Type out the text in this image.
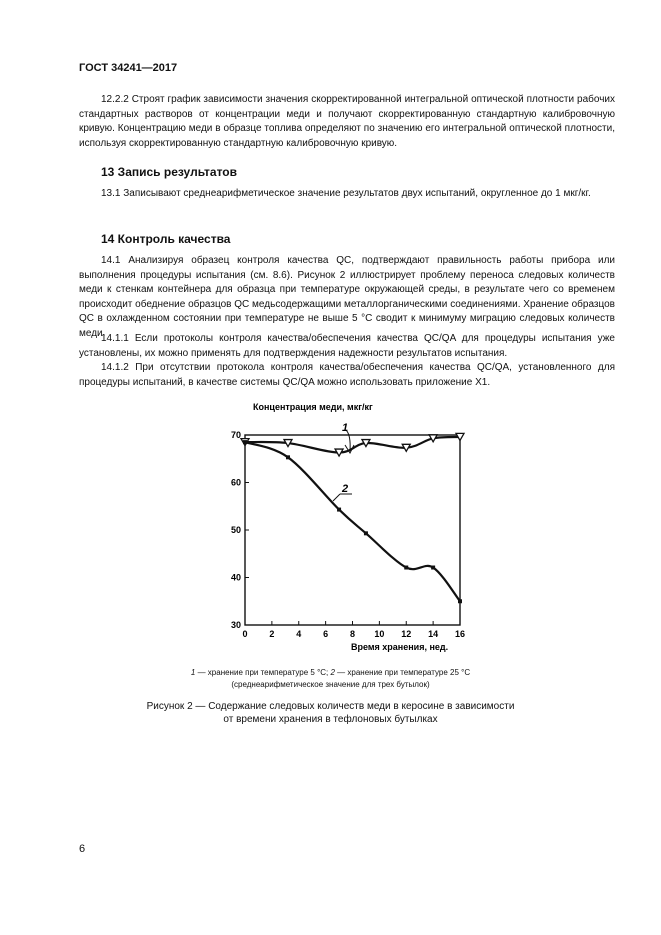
ГОСТ 34241—2017

12.2.2 Строят график зависимости значения скорректированной интегральной оптической плотности рабочих стандартных растворов от концентрации меди и получают скорректированную стандартную калибровочную кривую. Концентрацию меди в образце топлива определяют по значению его интегральной оптической плотности, используя скорректированную стандартную калибровочную кривую.

13 Запись результатов

13.1 Записывают среднеарифметическое значение результатов двух испытаний, округленное до 1 мкг/кг.

14 Контроль качества

14.1 Анализируя образец контроля качества QC, подтверждают правильность работы прибора или выполнения процедуры испытания (см. 8.6). Рисунок 2 иллюстрирует проблему переноса следовых количеств меди к стенкам контейнера для образца при температуре окружающей среды, в результате чего со временем происходит обеднение образцов QC медьсодержащими металлорганическими соединениями. Хранение образцов QC в охлажденном состоянии при температуре не выше 5 °С сводит к минимуму миграцию следовых количеств меди.

14.1.1 Если протоколы контроля качества/обеспечения качества QC/QA для процедуры испытания уже установлены, их можно применять для подтверждения надежности результатов испытания.

14.1.2 При отсутствии протокола контроля качества/обеспечения качества QC/QA, установленного для процедуры испытаний, в качестве системы QC/QA можно использовать приложение Х1.

Концентрация меди, мкг/кг
Время хранения, нед.
0 2 4 6 8 10 12 14 16
30
40
50
60
70
1
2

1 — хранение при температуре 5 °С; 2 — хранение при температуре 25 °С

(среднеарифметическое значение для трех бутылок)

Рисунок 2 — Содержание следовых количеств меди в керосине в зависимости

от времени хранения в тефлоновых бутылках

6
